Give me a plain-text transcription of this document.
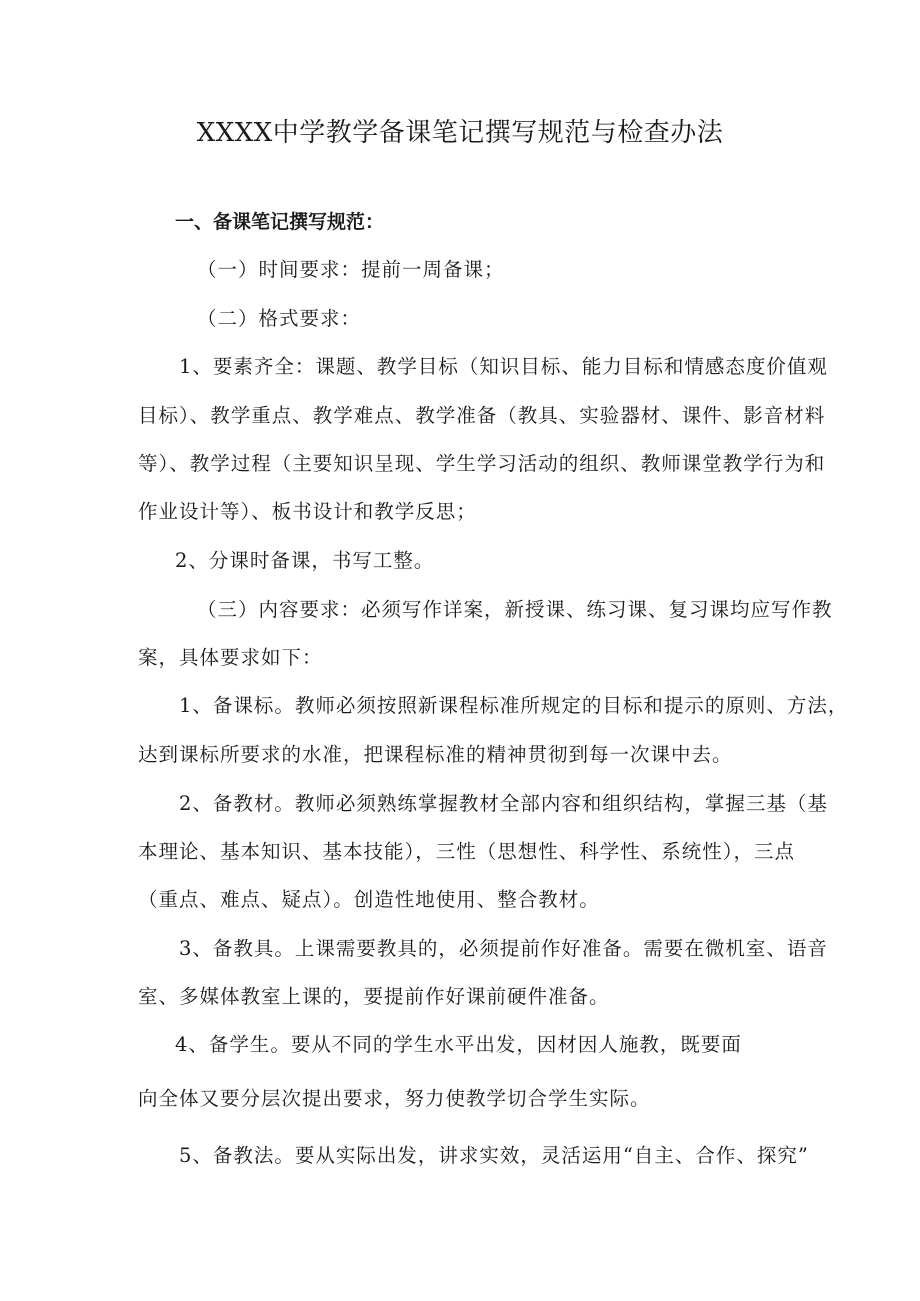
XXXX中学教学备课笔记撰写规范与检查办法

一、备课笔记撰写规范：

（一）时间要求：提前一周备课；

（二）格式要求：

1、要素齐全：课题、教学目标（知识目标、能力目标和情感态度价值观

目标）、教学重点、教学难点、教学准备（教具、实验器材、课件、影音材料

等）、教学过程（主要知识呈现、学生学习活动的组织、教师课堂教学行为和

作业设计等）、板书设计和教学反思；

2、分课时备课，书写工整。

（三）内容要求：必须写作详案，新授课、练习课、复习课均应写作教

案，具体要求如下：

1、备课标。教师必须按照新课程标准所规定的目标和提示的原则、方法，

达到课标所要求的水准，把课程标准的精神贯彻到每一次课中去。

2、备教材。教师必须熟练掌握教材全部内容和组织结构，掌握三基（基

本理论、基本知识、基本技能），三性（思想性、科学性、系统性），三点

（重点、难点、疑点）。创造性地使用、整合教材。

3、备教具。上课需要教具的，必须提前作好准备。需要在微机室、语音

室、多媒体教室上课的，要提前作好课前硬件准备。

4、备学生。要从不同的学生水平出发，因材因人施教，既要面

向全体又要分层次提出要求，努力使教学切合学生实际。

5、备教法。要从实际出发，讲求实效，灵活运用“自主、合作、探究”
